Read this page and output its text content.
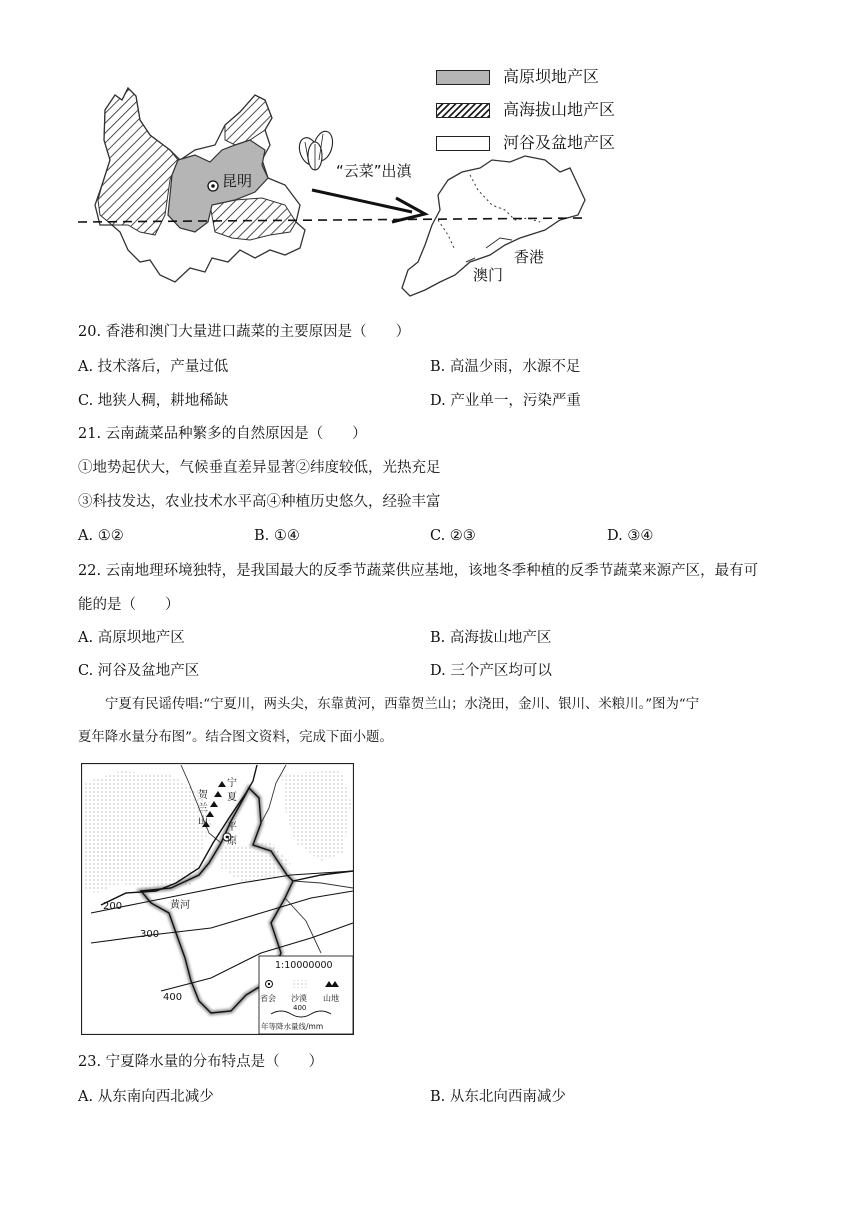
昆明
“云菜”出滇
香港
澳门
高原坝地产区
高海拔山地产区
河谷及盆地产区
20. 香港和澳门大量进口蔬菜的主要原因是（　　）
A. 技术落后，产量过低	B. 高温少雨，水源不足
C. 地狭人稠，耕地稀缺	D. 产业单一，污染严重
21. 云南蔬菜品种繁多的自然原因是（　　）
①地势起伏大，气候垂直差异显著②纬度较低，光热充足
③科技发达，农业技术水平高④种植历史悠久，经验丰富
A. ①②	B. ①④	C. ②③	D. ③④
22. 云南地理环境独特，是我国最大的反季节蔬菜供应基地，该地冬季种植的反季节蔬菜来源产区，最有可
能的是（　　）
A. 高原坝地产区	B. 高海拔山地产区
C. 河谷及盆地产区	D. 三个产区均可以
宁夏有民谣传唱:“宁夏川，两头尖，东靠黄河，西靠贺兰山；水浇田，金川、银川、米粮川。”图为“宁
夏年降水量分布图”。结合图文资料，完成下面小题。
贺
兰
山
宁
夏
平
原
黄河
200
300
400
1:10000000
省会 沙漠 山地
400
年等降水量线/mm
23. 宁夏降水量的分布特点是（　　）
A. 从东南向西北减少	B. 从东北向西南减少
